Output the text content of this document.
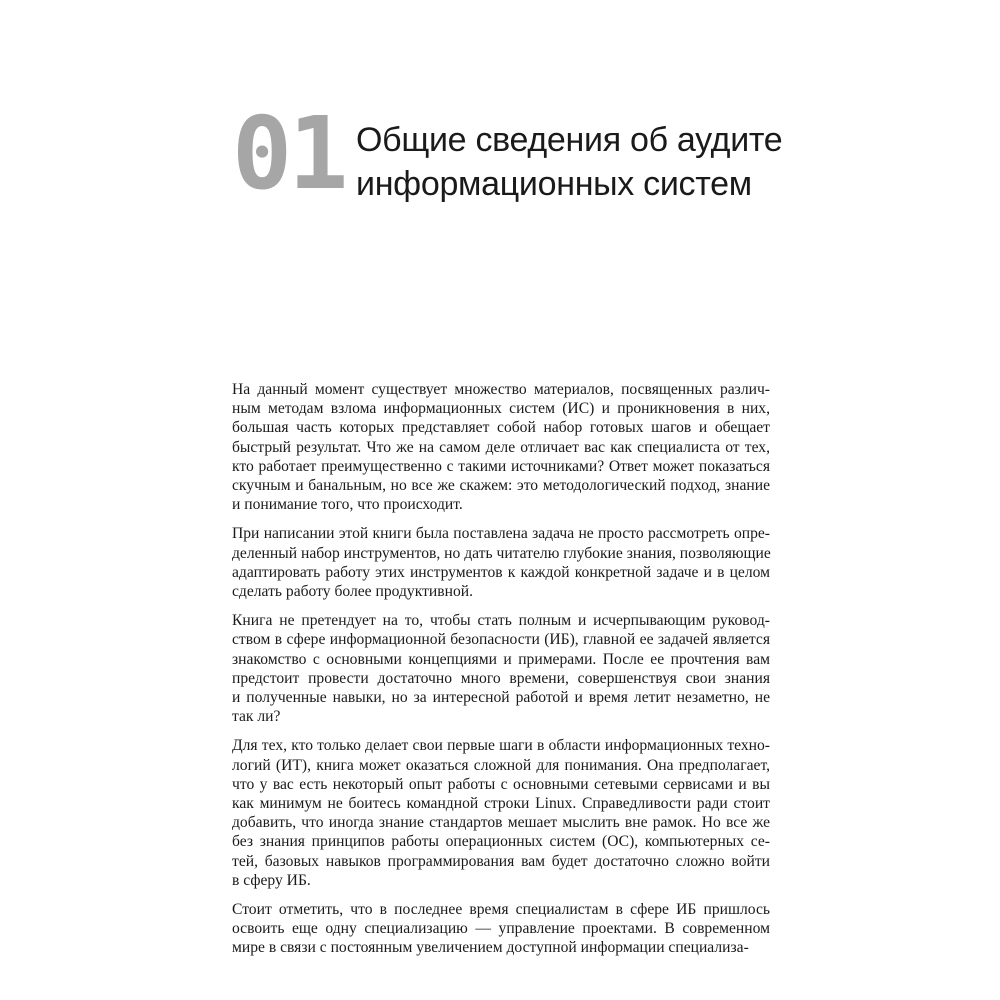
01 Общие сведения об аудите
информационных систем

На данный момент существует множество материалов, посвященных различ-
ным методам взлома информационных систем (ИС) и проникновения в них,
большая часть которых представляет собой набор готовых шагов и обещает
быстрый результат. Что же на самом деле отличает вас как специалиста от тех,
кто работает преимущественно с такими источниками? Ответ может показаться
скучным и банальным, но все же скажем: это методологический подход, знание
и понимание того, что происходит.

При написании этой книги была поставлена задача не просто рассмотреть опре-
деленный набор инструментов, но дать читателю глубокие знания, позволяющие
адаптировать работу этих инструментов к каждой конкретной задаче и в целом
сделать работу более продуктивной.

Книга не претендует на то, чтобы стать полным и исчерпывающим руковод-
ством в сфере информационной безопасности (ИБ), главной ее задачей является
знакомство с основными концепциями и примерами. После ее прочтения вам
предстоит провести достаточно много времени, совершенствуя свои знания
и полученные навыки, но за интересной работой и время летит незаметно, не
так ли?

Для тех, кто только делает свои первые шаги в области информационных техно-
логий (ИТ), книга может оказаться сложной для понимания. Она предполагает,
что у вас есть некоторый опыт работы с основными сетевыми сервисами и вы
как минимум не боитесь командной строки Linux. Справедливости ради стоит
добавить, что иногда знание стандартов мешает мыслить вне рамок. Но все же
без знания принципов работы операционных систем (ОС), компьютерных се-
тей, базовых навыков программирования вам будет достаточно сложно войти
в сферу ИБ.

Стоит отметить, что в последнее время специалистам в сфере ИБ пришлось
освоить еще одну специализацию — управление проектами. В современном
мире в связи с постоянным увеличением доступной информации специализа-
